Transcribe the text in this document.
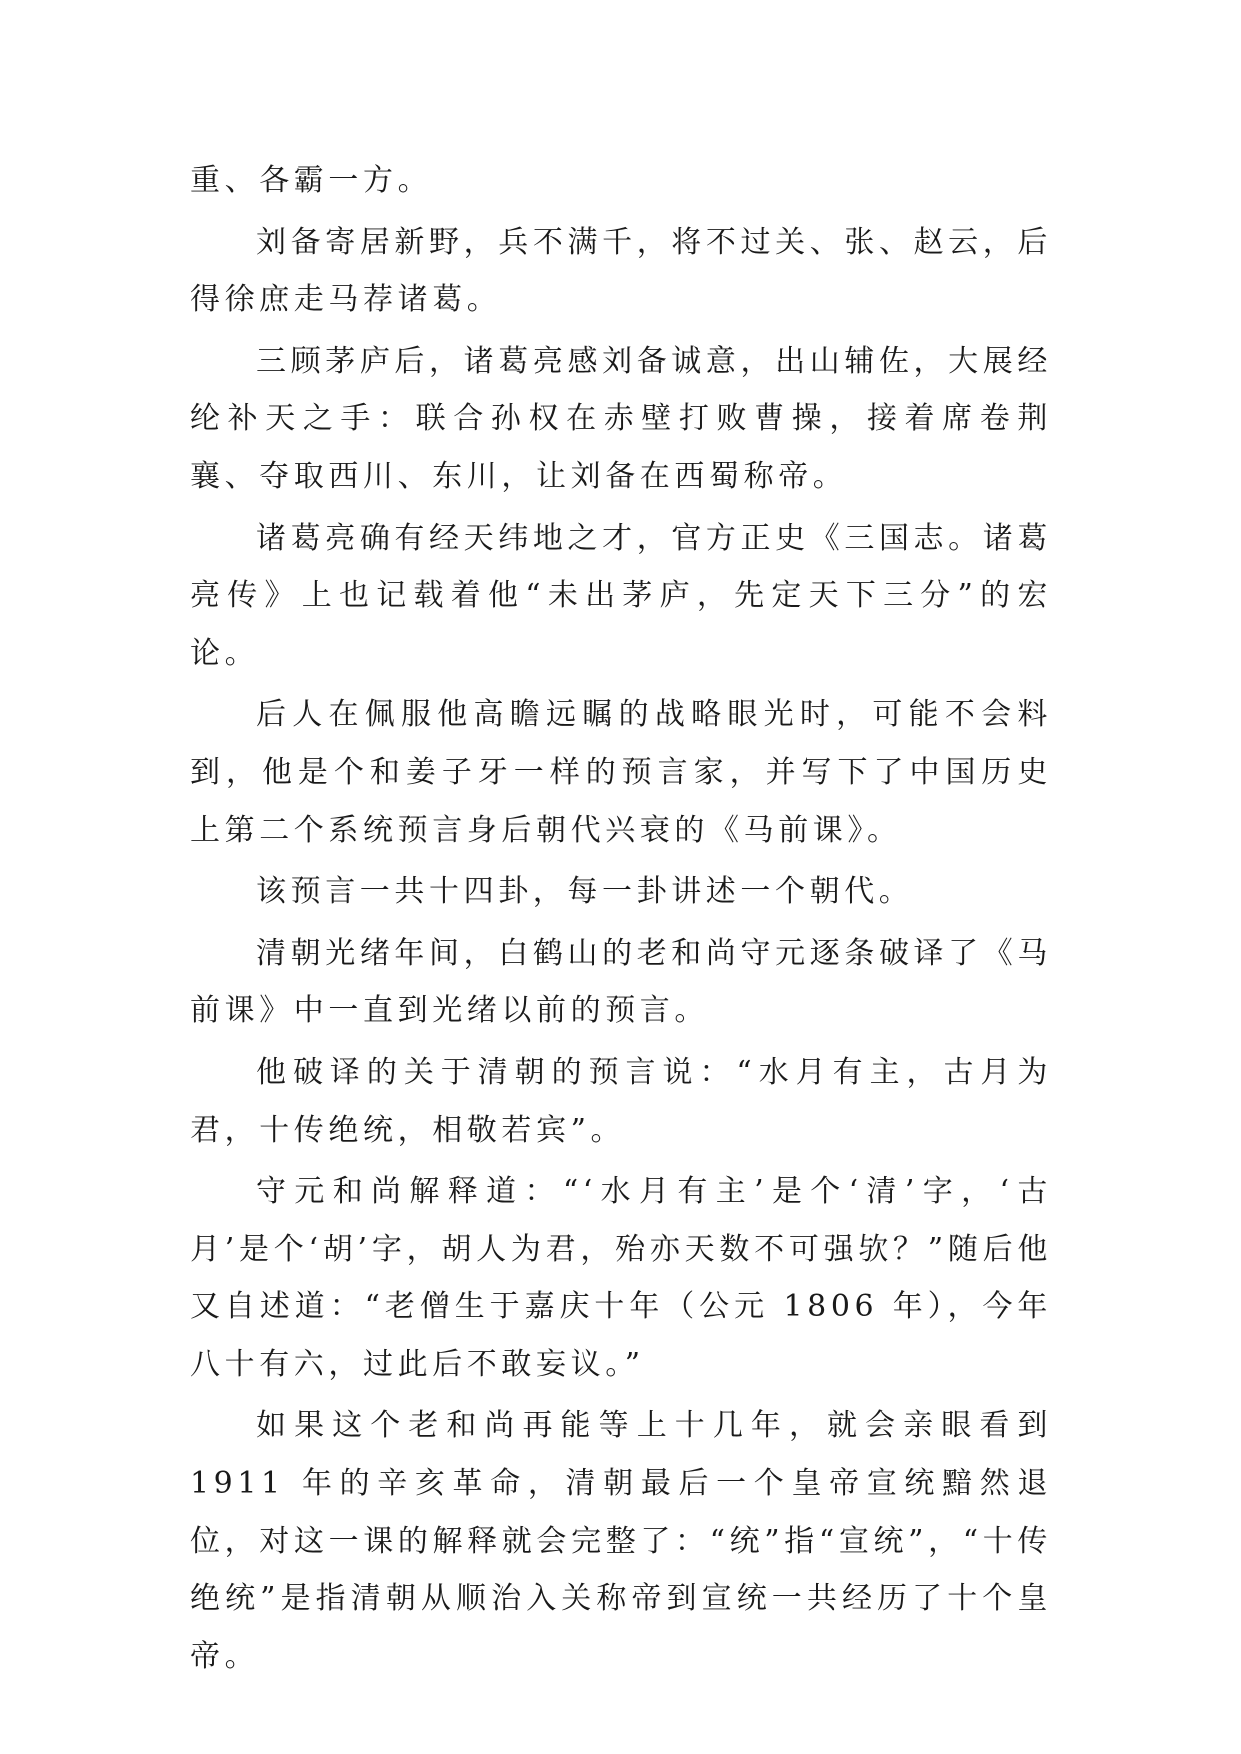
重、各霸一方。

刘备寄居新野，兵不满千，将不过关、张、赵云，后得徐庶走马荐诸葛。

三顾茅庐后，诸葛亮感刘备诚意，出山辅佐，大展经纶补天之手：联合孙权在赤壁打败曹操，接着席卷荆襄、夺取西川、东川，让刘备在西蜀称帝。

诸葛亮确有经天纬地之才，官方正史《三国志。诸葛亮传》上也记载着他“未出茅庐，先定天下三分”的宏论。

后人在佩服他高瞻远瞩的战略眼光时，可能不会料到，他是个和姜子牙一样的预言家，并写下了中国历史上第二个系统预言身后朝代兴衰的《马前课》。

该预言一共十四卦，每一卦讲述一个朝代。

清朝光绪年间，白鹤山的老和尚守元逐条破译了《马前课》中一直到光绪以前的预言。

他破译的关于清朝的预言说：“水月有主，古月为君，十传绝统，相敬若宾”。

守元和尚解释道：“‘水月有主’是个‘清’字，‘古月’是个‘胡’字，胡人为君，殆亦天数不可强欤？”随后他又自述道：“老僧生于嘉庆十年（公元 1806 年），今年八十有六，过此后不敢妄议。”

如果这个老和尚再能等上十几年，就会亲眼看到 1911 年的辛亥革命，清朝最后一个皇帝宣统黯然退位，对这一课的解释就会完整了：“统”指“宣统”，“十传绝统”是指清朝从顺治入关称帝到宣统一共经历了十个皇帝。
